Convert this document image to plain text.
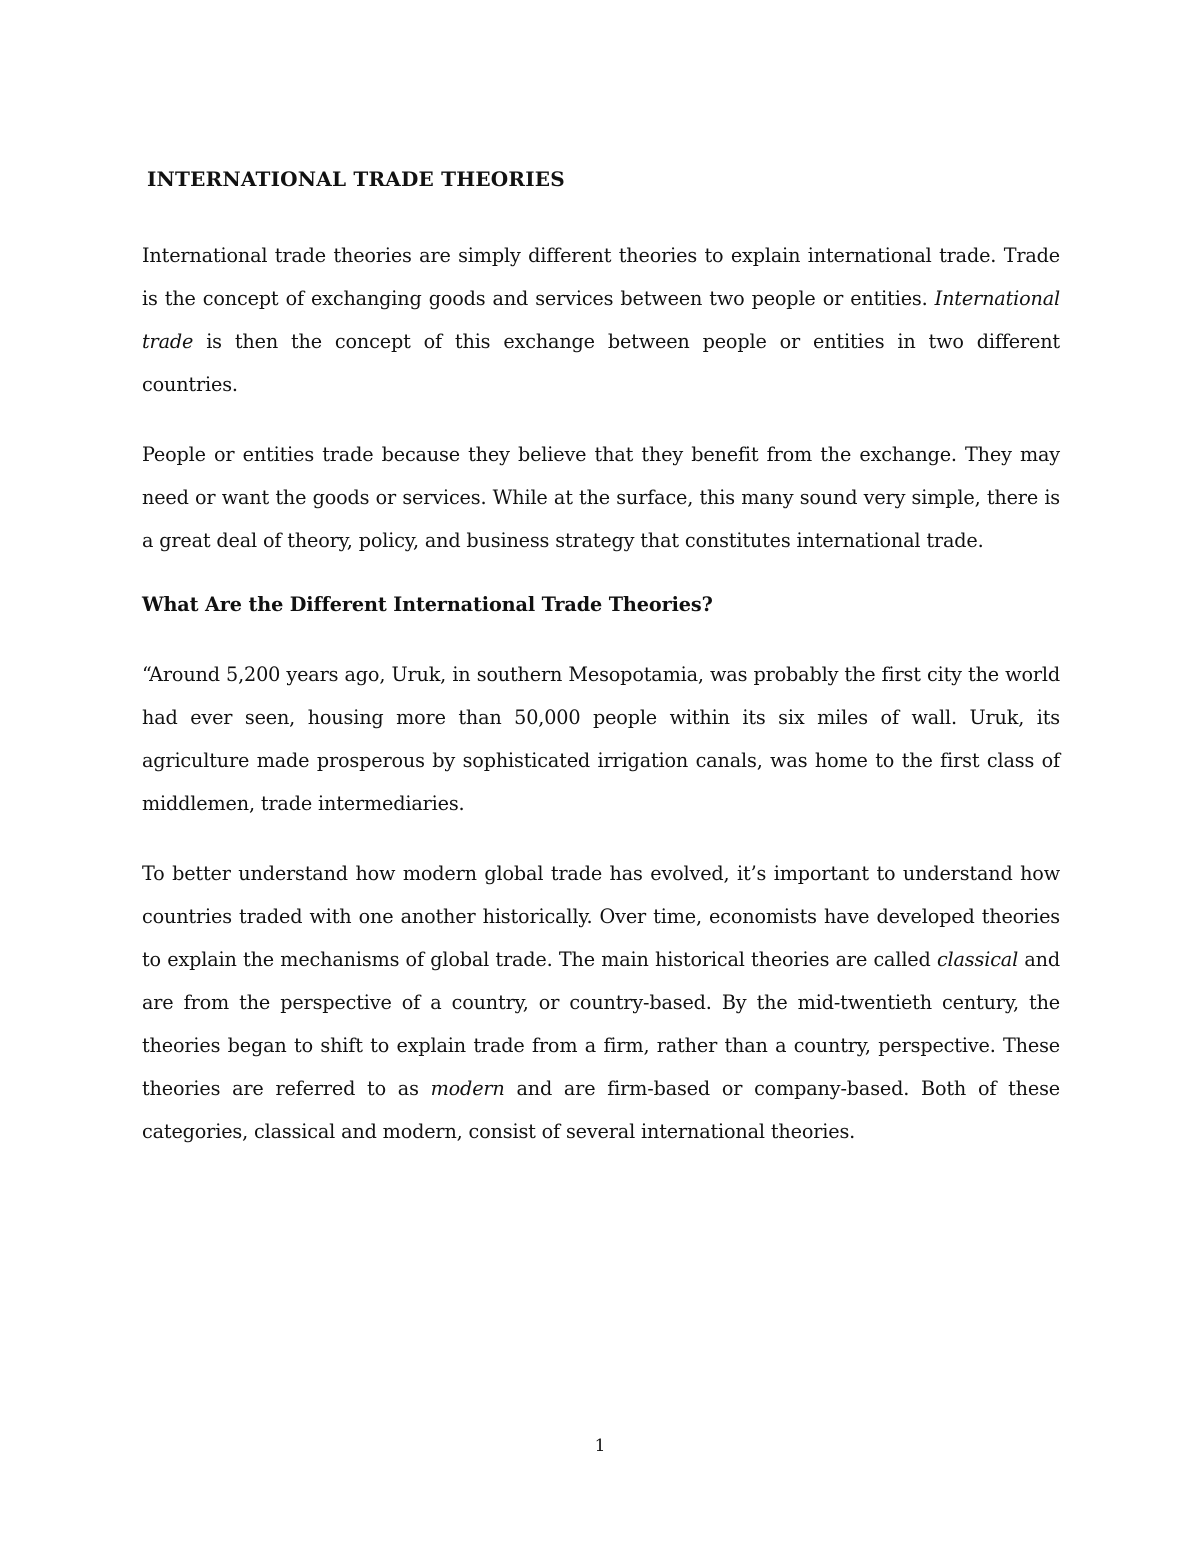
INTERNATIONAL TRADE THEORIES

International trade theories are simply different theories to explain international trade. Trade is the concept of exchanging goods and services between two people or entities. International trade is then the concept of this exchange between people or entities in two different countries.

People or entities trade because they believe that they benefit from the exchange. They may need or want the goods or services. While at the surface, this many sound very simple, there is a great deal of theory, policy, and business strategy that constitutes international trade.

What Are the Different International Trade Theories?

“Around 5,200 years ago, Uruk, in southern Mesopotamia, was probably the first city the world had ever seen, housing more than 50,000 people within its six miles of wall. Uruk, its agriculture made prosperous by sophisticated irrigation canals, was home to the first class of middlemen, trade intermediaries.

To better understand how modern global trade has evolved, it’s important to understand how countries traded with one another historically. Over time, economists have developed theories to explain the mechanisms of global trade. The main historical theories are called classical and are from the perspective of a country, or country-based. By the mid-twentieth century, the theories began to shift to explain trade from a firm, rather than a country, perspective. These theories are referred to as modern and are firm-based or company-based. Both of these categories, classical and modern, consist of several international theories.

1
